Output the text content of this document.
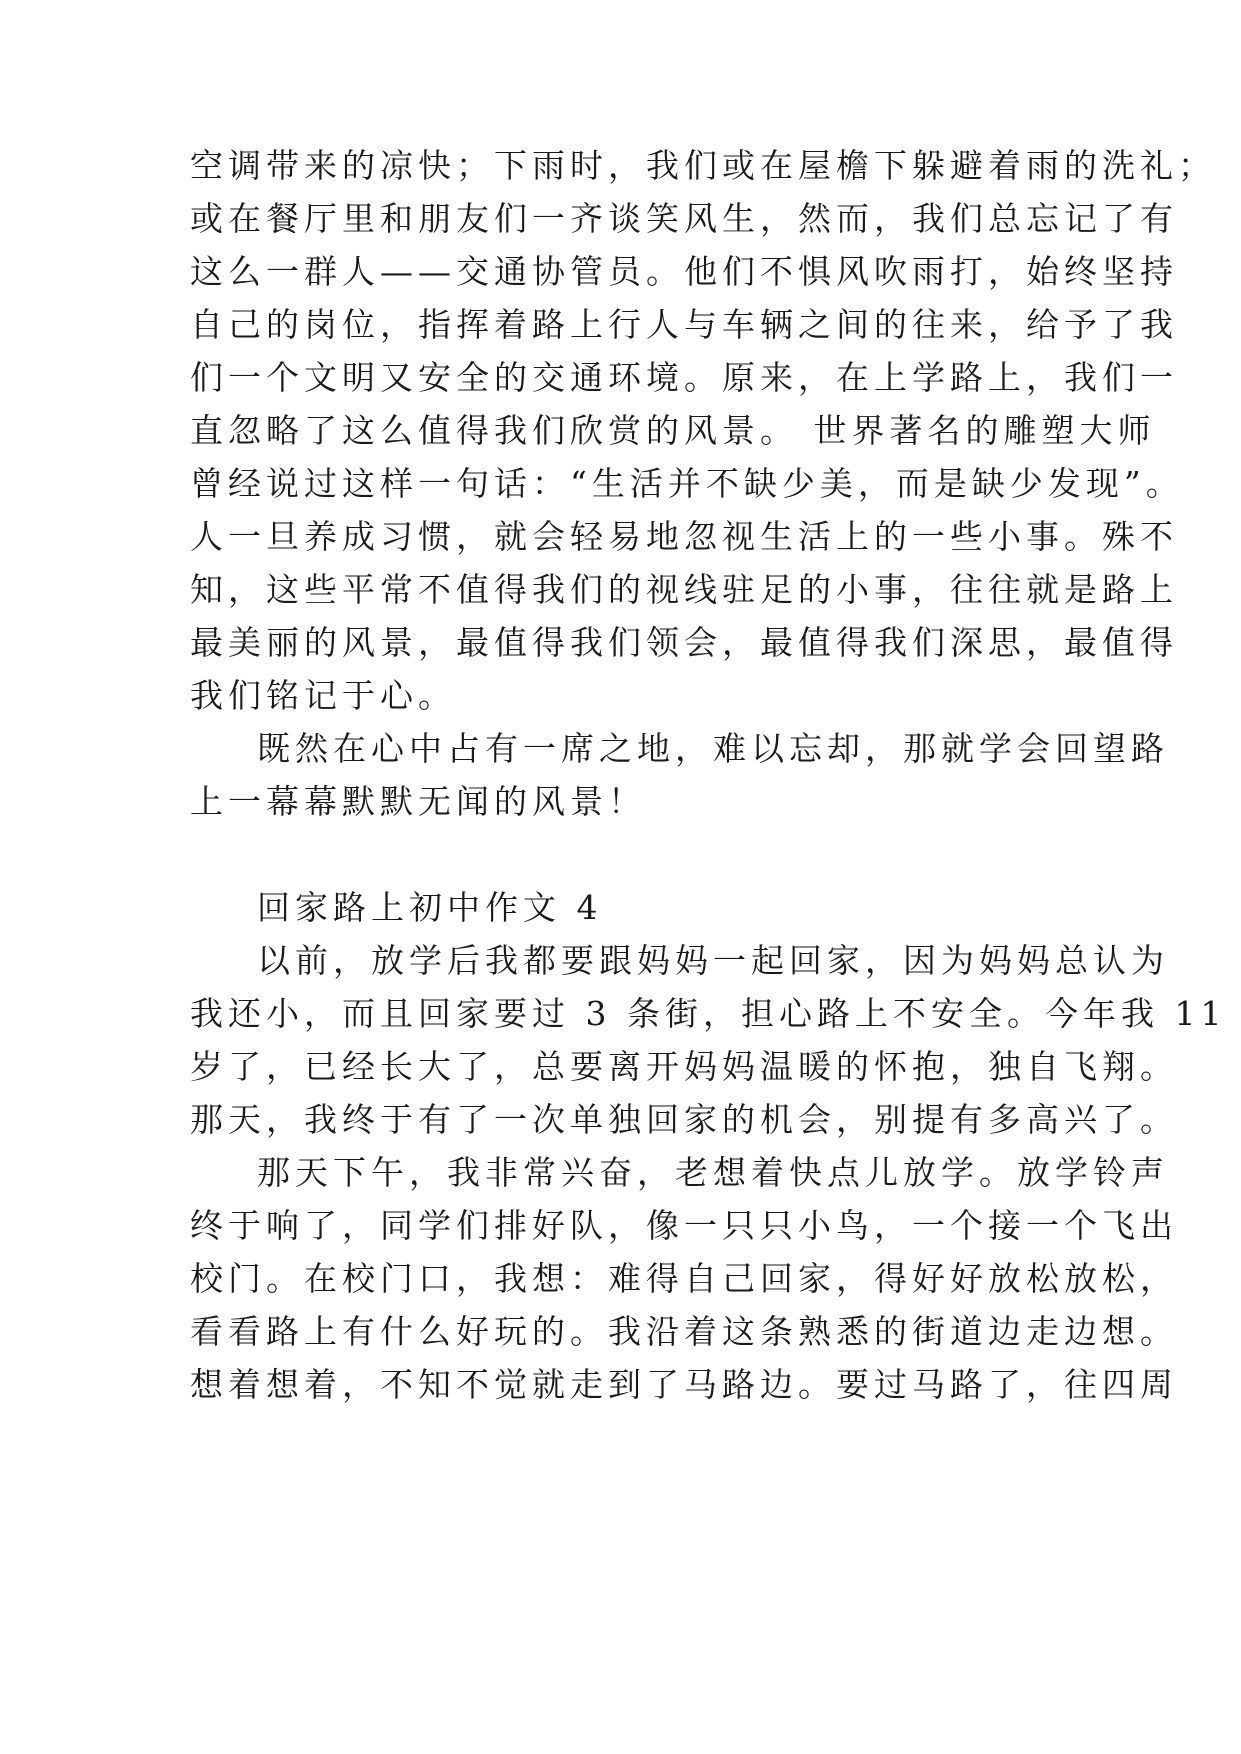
空调带来的凉快；下雨时，我们或在屋檐下躲避着雨的洗礼；
或在餐厅里和朋友们一齐谈笑风生，然而，我们总忘记了有
这么一群人——交通协管员。他们不惧风吹雨打，始终坚持
自己的岗位，指挥着路上行人与车辆之间的往来，给予了我
们一个文明又安全的交通环境。原来，在上学路上，我们一
直忽略了这么值得我们欣赏的风景。 世界著名的雕塑大师
曾经说过这样一句话：“生活并不缺少美，而是缺少发现”。
人一旦养成习惯，就会轻易地忽视生活上的一些小事。殊不
知，这些平常不值得我们的视线驻足的小事，往往就是路上
最美丽的风景，最值得我们领会，最值得我们深思，最值得
我们铭记于心。
既然在心中占有一席之地，难以忘却，那就学会回望路
上一幕幕默默无闻的风景！
回家路上初中作文 4
以前，放学后我都要跟妈妈一起回家，因为妈妈总认为
我还小，而且回家要过 3 条街，担心路上不安全。今年我 11
岁了，已经长大了，总要离开妈妈温暖的怀抱，独自飞翔。
那天，我终于有了一次单独回家的机会，别提有多高兴了。
那天下午，我非常兴奋，老想着快点儿放学。放学铃声
终于响了，同学们排好队，像一只只小鸟，一个接一个飞出
校门。在校门口，我想：难得自己回家，得好好放松放松，
看看路上有什么好玩的。我沿着这条熟悉的街道边走边想。
想着想着，不知不觉就走到了马路边。要过马路了，往四周
